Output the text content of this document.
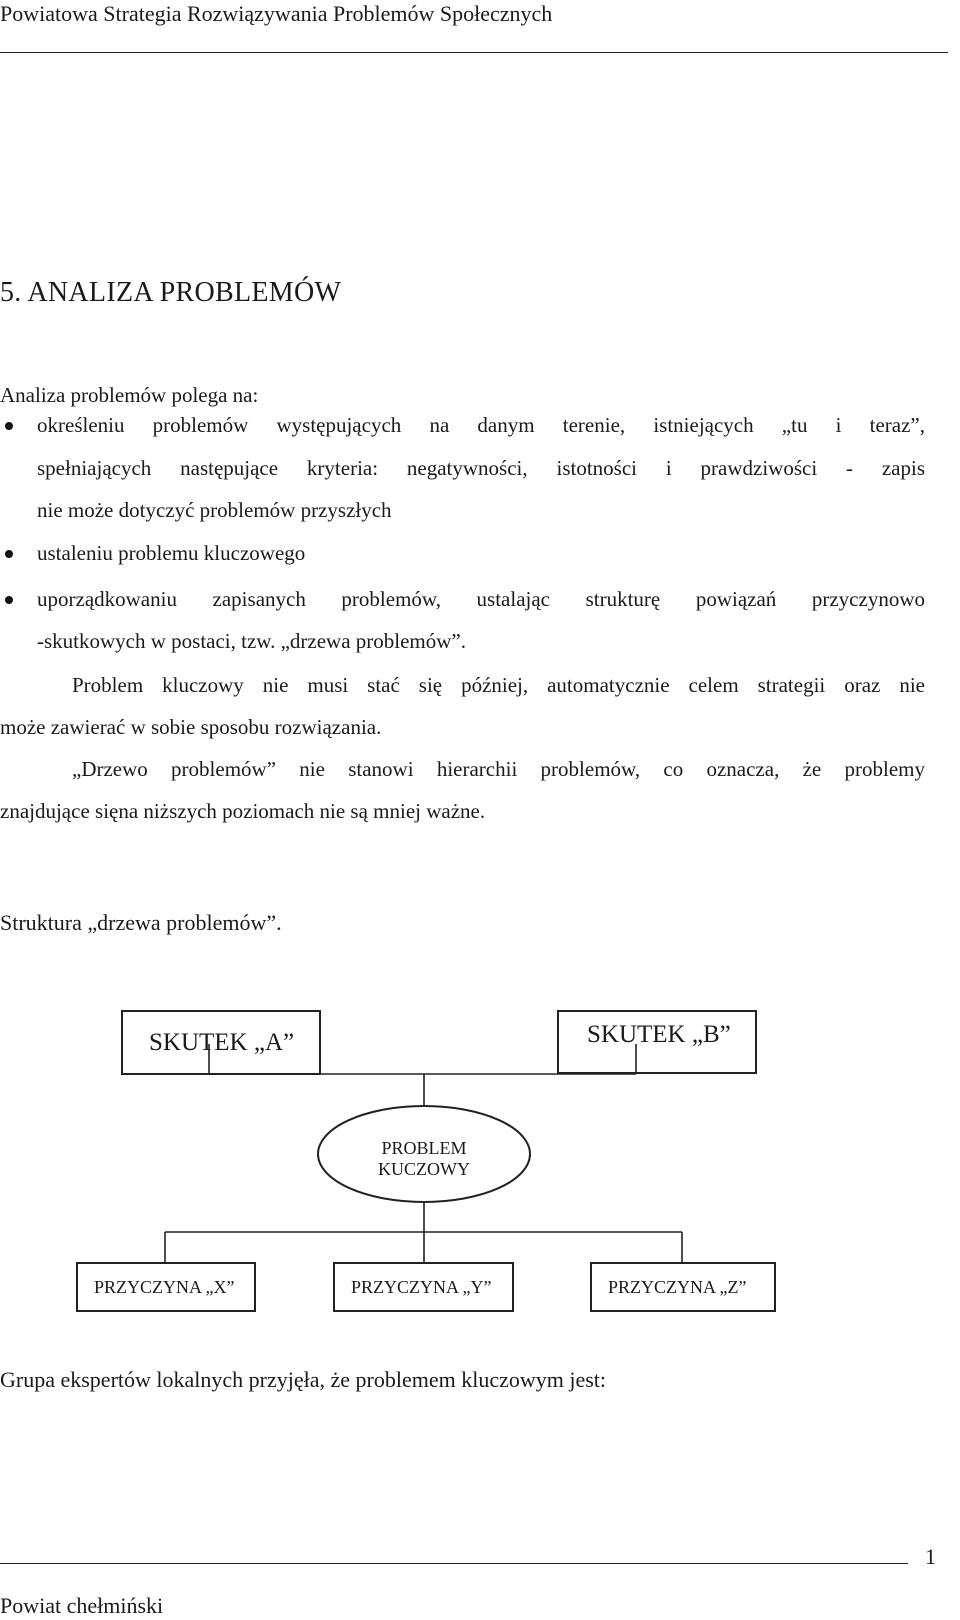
Powiatowa Strategia Rozwiązywania Problemów Społecznych
5. ANALIZA PROBLEMÓW
Analiza problemów polega na:
określeniu problemów występujących na danym terenie, istniejących „tu i teraz”,
spełniających następujące kryteria: negatywności, istotności i prawdziwości - zapis
nie może dotyczyć problemów przyszłych
ustaleniu problemu kluczowego
uporządkowaniu zapisanych problemów, ustalając strukturę powiązań przyczynowo
-skutkowych w postaci, tzw. „drzewa problemów”.
Problem kluczowy nie musi stać się później, automatycznie celem strategii oraz nie
może zawierać w sobie sposobu rozwiązania.
„Drzewo problemów” nie stanowi hierarchii problemów, co oznacza, że problemy
znajdujące sięna niższych poziomach nie są mniej ważne.
Struktura „drzewa problemów”.
SKUTEK „A”	SKUTEK „B”
PROBLEM
KUCZOWY
PRZYCZYNA „X”	PRZYCZYNA „Y”	PRZYCZYNA „Z”
Grupa ekspertów lokalnych przyjęła, że problemem kluczowym jest:
1
Powiat chełmiński
